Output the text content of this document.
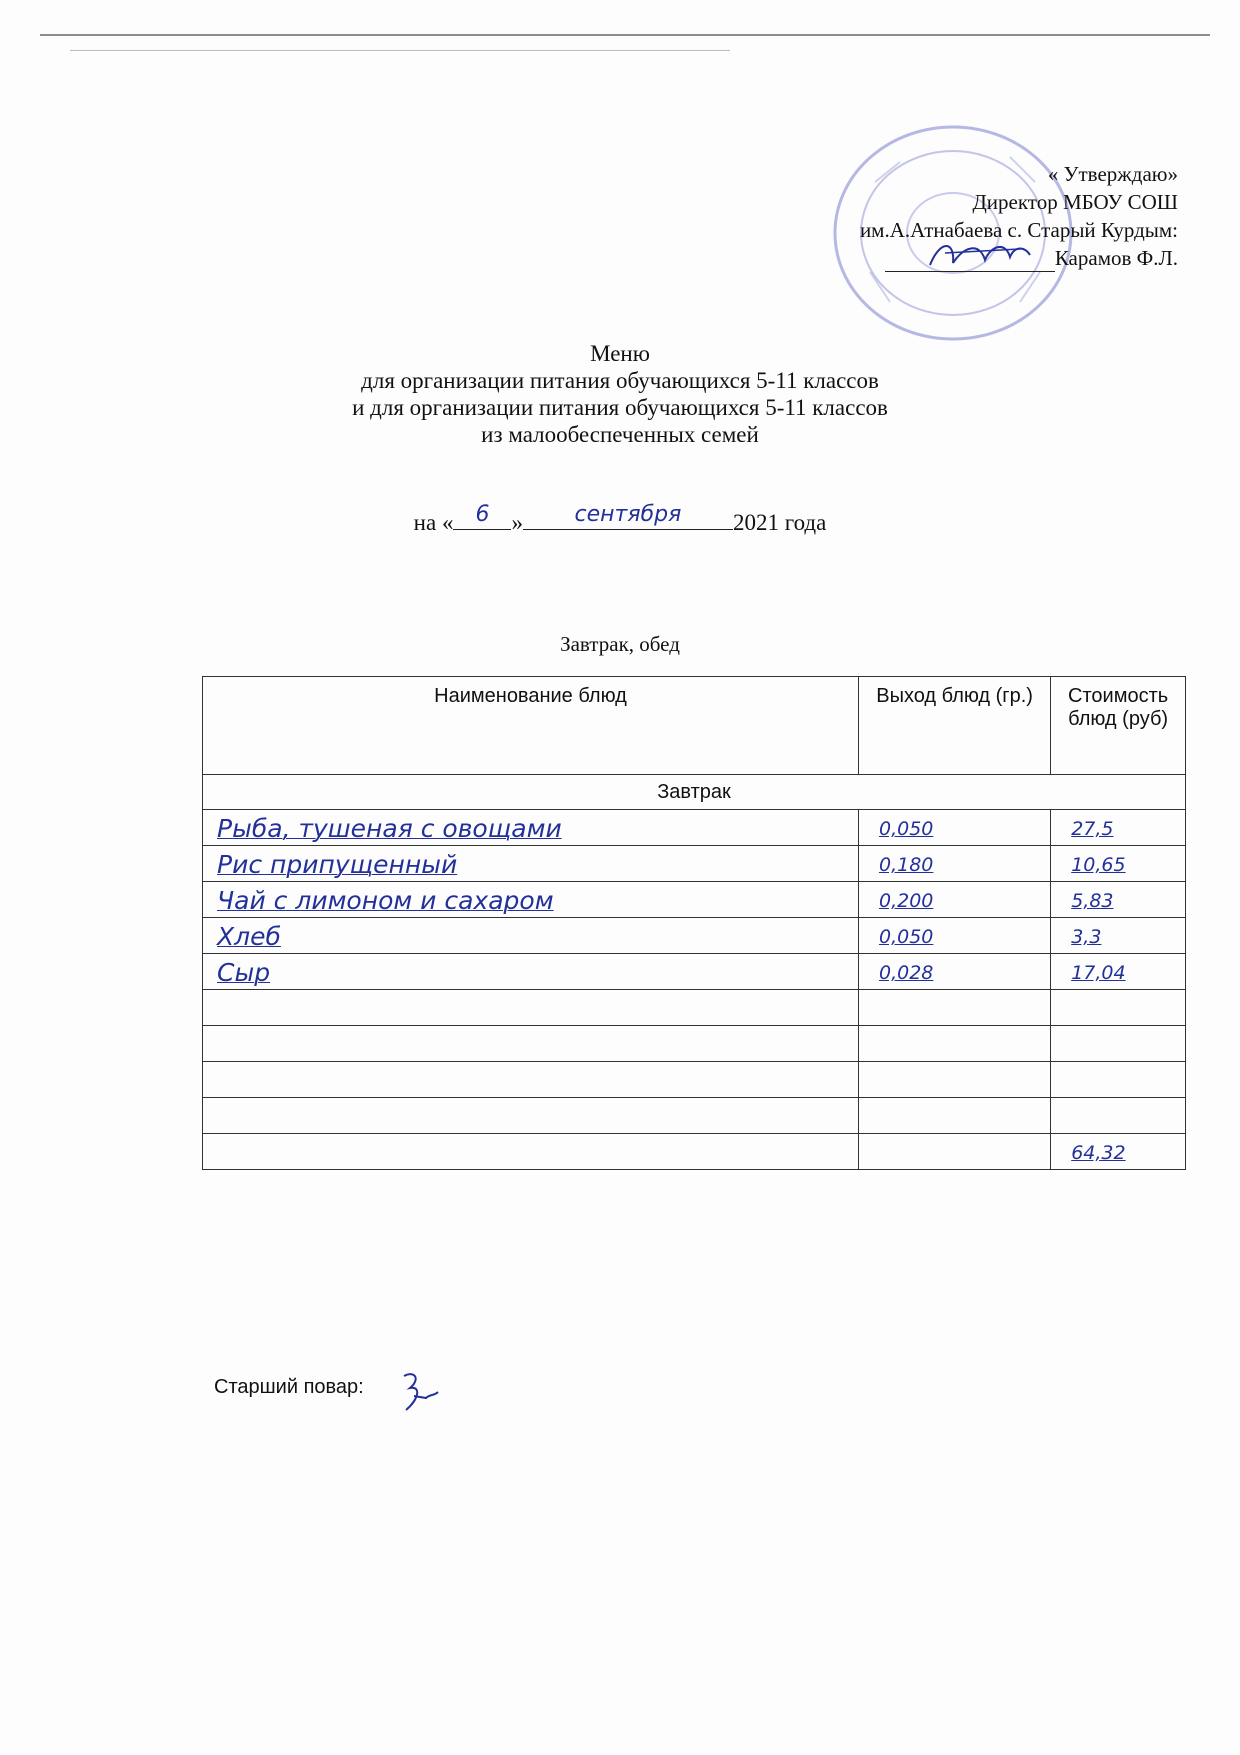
« Утверждаю»
Директор МБОУ СОШ
им.А.Атнабаева с. Старый Курдым:
Карамов Ф.Л.
Меню
для организации питания обучающихся 5-11 классов
и для организации питания обучающихся 5-11 классов
из малообеспеченных семей
на «	6 »	сентября	2021 года
Завтрак, обед
Наименование блюд	Выход блюд (гр.)	Стоимость блюд (руб)
Завтрак		

Рыба, тушеная с овощами	0,050	27,5

Рис припущенный	0,180	10,65

Чай с лимоном и сахаром	0,200	5,83

Хлеб	0,050	3,3

Сыр	0,028	17,04

		64,32
Старший повар:
